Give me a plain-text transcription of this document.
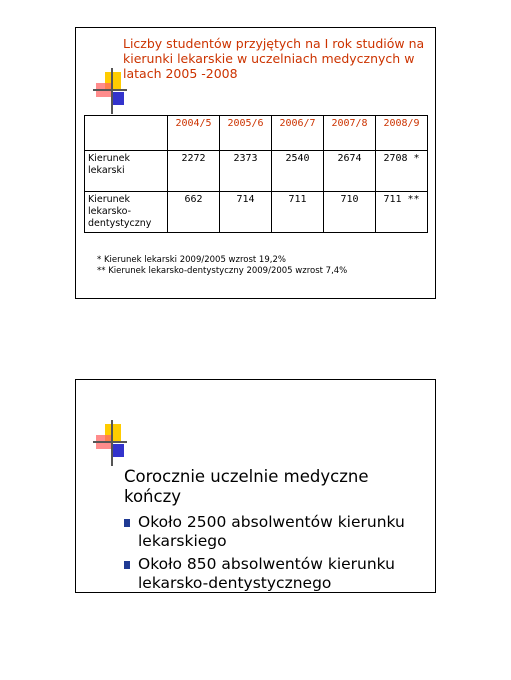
Liczby studentów przyjętych na I rok studiów na kierunki lekarskie w uczelniach medycznych w latach 2005 -2008
	2004/5	2005/6	2006/7	2007/8	2008/9
Kierunek lekarski	2272	2373	2540	2674	2708 *
Kierunek lekarsko-dentystyczny	662	714	711	710	711 **
* Kierunek lekarski 2009/2005 wzrost 19,2%
** Kierunek lekarsko-dentystyczny 2009/2005 wzrost 7,4%
Corocznie uczelnie medyczne kończy
Około 2500 absolwentów kierunku lekarskiego
Około 850 absolwentów kierunku lekarsko-dentystycznego
